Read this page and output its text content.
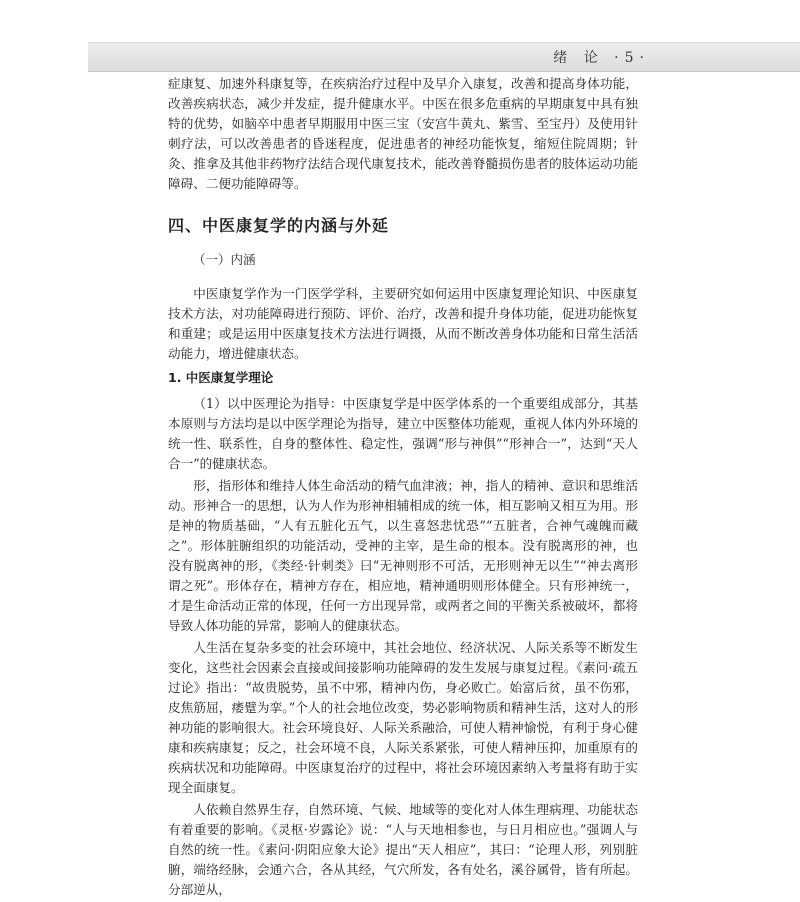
绪 论 ·5·

症康复、加速外科康复等，在疾病治疗过程中及早介入康复，改善和提高身体功能，改善疾病状态，减少并发症，提升健康水平。中医在很多危重病的早期康复中具有独特的优势，如脑卒中患者早期服用中医三宝（安宫牛黄丸、紫雪、至宝丹）及使用针刺疗法，可以改善患者的昏迷程度，促进患者的神经功能恢复，缩短住院周期；针灸、推拿及其他非药物疗法结合现代康复技术，能改善脊髓损伤患者的肢体运动功能障碍、二便功能障碍等。

四、中医康复学的内涵与外延
（一）内涵

中医康复学作为一门医学学科，主要研究如何运用中医康复理论知识、中医康复技术方法，对功能障碍进行预防、评价、治疗，改善和提升身体功能，促进功能恢复和重建；或是运用中医康复技术方法进行调摄，从而不断改善身体功能和日常生活活动能力，增进健康状态。

1. 中医康复学理论

（1）以中医理论为指导：中医康复学是中医学体系的一个重要组成部分，其基本原则与方法均是以中医学理论为指导，建立中医整体功能观，重视人体内外环境的统一性、联系性，自身的整体性、稳定性，强调“形与神俱”“形神合一”，达到“天人合一”的健康状态。

形，指形体和维持人体生命活动的精气血津液；神，指人的精神、意识和思维活动。形神合一的思想，认为人作为形神相辅相成的统一体，相互影响又相互为用。形是神的物质基础，“人有五脏化五气，以生喜怒悲忧恐”“五脏者，合神气魂魄而藏之”。形体脏腑组织的功能活动，受神的主宰，是生命的根本。没有脱离形的神，也没有脱离神的形，《类经·针刺类》曰“无神则形不可活，无形则神无以生”“神去离形谓之死”。形体存在，精神方存在，相应地，精神通明则形体健全。只有形神统一，才是生命活动正常的体现，任何一方出现异常，或两者之间的平衡关系被破坏，都将导致人体功能的异常，影响人的健康状态。

人生活在复杂多变的社会环境中，其社会地位、经济状况、人际关系等不断发生变化，这些社会因素会直接或间接影响功能障碍的发生发展与康复过程。《素问·疏五过论》指出：“故贵脱势，虽不中邪，精神内伤，身必败亡。始富后贫，虽不伤邪，皮焦筋屈，痿躄为挛。”个人的社会地位改变，势必影响物质和精神生活，这对人的形神功能的影响很大。社会环境良好、人际关系融洽，可使人精神愉悦，有利于身心健康和疾病康复；反之，社会环境不良，人际关系紧张，可使人精神压抑，加重原有的疾病状况和功能障碍。中医康复治疗的过程中，将社会环境因素纳入考量将有助于实现全面康复。

人依赖自然界生存，自然环境、气候、地域等的变化对人体生理病理、功能状态有着重要的影响。《灵枢·岁露论》说：“人与天地相参也，与日月相应也。”强调人与自然的统一性。《素问·阴阳应象大论》提出“天人相应”，其曰：“论理人形，列别脏腑，端络经脉，会通六合，各从其经，气穴所发，各有处名，溪谷属骨，皆有所起。分部逆从，
